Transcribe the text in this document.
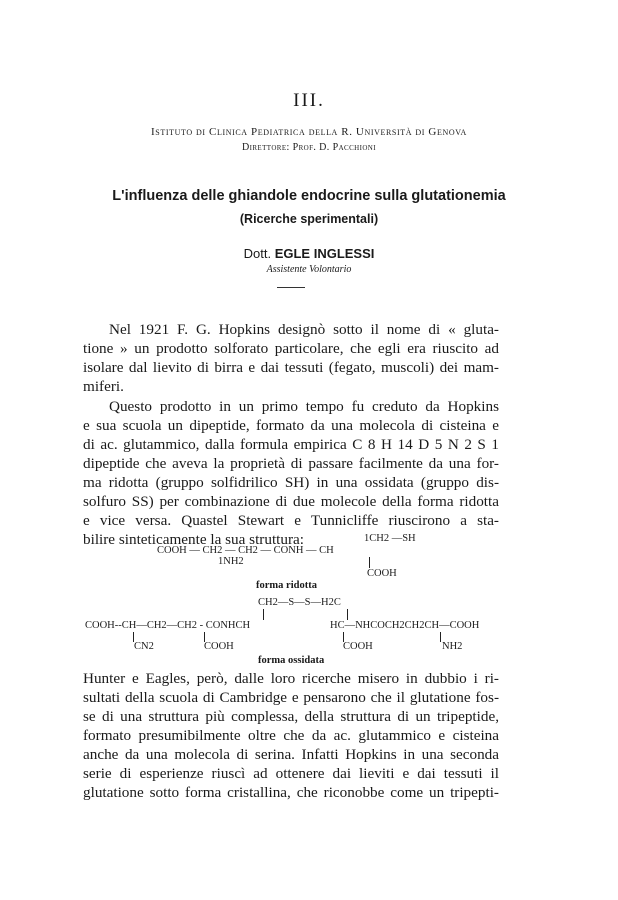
III.
Istituto di Clinica Pediatrica della R. Università di Genova
Direttore: Prof. D. Pacchioni
L'influenza delle ghiandole endocrine sulla glutationemia
(Ricerche sperimentali)
Dott. EGLE INGLESSI
Assistente Volontario
Nel 1921 F. G. Hopkins designò sotto il nome di « gluta-
tione » un prodotto solforato particolare, che egli era riuscito ad
isolare dal lievito di birra e dai tessuti (fegato, muscoli) dei mam-
miferi.
Questo prodotto in un primo tempo fu creduto da Hopkins
e sua scuola un dipeptide, formato da una molecola di cisteina e
di ac. glutammico, dalla formula empirica C 8 H 14 D 5 N 2 S 1
dipeptide che aveva la proprietà di passare facilmente da una for-
ma ridotta (gruppo solfidrilico SH) in una ossidata (gruppo dis-
solfuro SS) per combinazione di due molecole della forma ridotta
e vice versa. Quastel Stewart e Tunnicliffe riuscirono a sta-
bilire sinteticamente la sua struttura:	1CH2 —SH
COOH — CH2 — CH2 — CONH — CH
1NH2
COOH
forma ridotta
CH2—S—S—H2C
COOH--CH—CH2—CH2 - CONHCH	HC—NHCOCH2CH2CH—COOH
CN2	COOH	COOH	NH2
forma ossidata
Hunter e Eagles, però, dalle loro ricerche misero in dubbio i ri-
sultati della scuola di Cambridge e pensarono che il glutatione fos-
se di una struttura più complessa, della struttura di un tripeptide,
formato presumibilmente oltre che da ac. glutammico e cisteina
anche da una molecola di serina. Infatti Hopkins in una seconda
serie di esperienze riuscì ad ottenere dai lieviti e dai tessuti il
glutatione sotto forma cristallina, che riconobbe come un tripepti-
